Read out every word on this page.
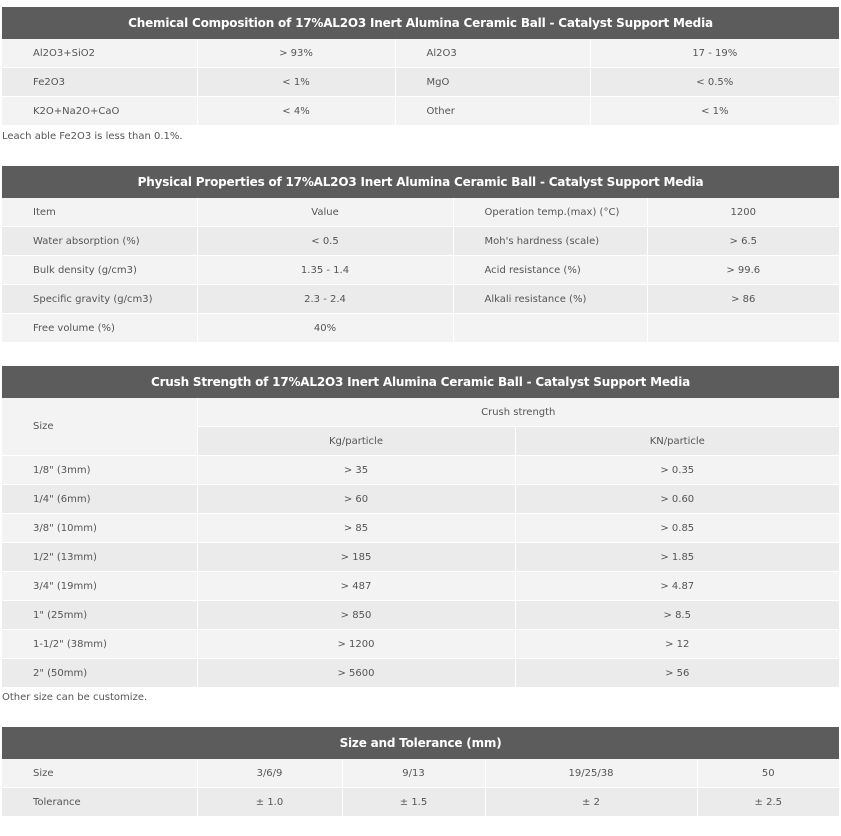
Chemical Composition of 17%AL2O3 Inert Alumina Ceramic Ball - Catalyst Support Media			
Al2O3+SiO2	> 93%	Al2O3	17 - 19%
Fe2O3	< 1%	MgO	< 0.5%
K2O+Na2O+CaO	< 4%	Other	< 1%

Leach able Fe2O3 is less than 0.1%.

Physical Properties of 17%AL2O3 Inert Alumina Ceramic Ball - Catalyst Support Media			
Item	Value	Operation temp.(max) (°C)	1200
Water absorption (%)	< 0.5	Moh's hardness (scale)	> 6.5
Bulk density (g/cm3)	1.35 - 1.4	Acid resistance (%)	> 99.6
Specific gravity (g/cm3)	2.3 - 2.4	Alkali resistance (%)	> 86
Free volume (%)	40%		
Crush Strength of 17%AL2O3 Inert Alumina Ceramic Ball - Catalyst Support Media		
Size	Crush strength	
	Kg/particle	KN/particle
1/8" (3mm)	> 35	> 0.35
1/4" (6mm)	> 60	> 0.60
3/8" (10mm)	> 85	> 0.85
1/2" (13mm)	> 185	> 1.85
3/4" (19mm)	> 487	> 4.87
1" (25mm)	> 850	> 8.5
1-1/2" (38mm)	> 1200	> 12
2" (50mm)	> 5600	> 56

Other size can be customize.

Size and Tolerance (mm)				
Size	3/6/9	9/13	19/25/38	50
Tolerance	± 1.0	± 1.5	± 2	± 2.5
